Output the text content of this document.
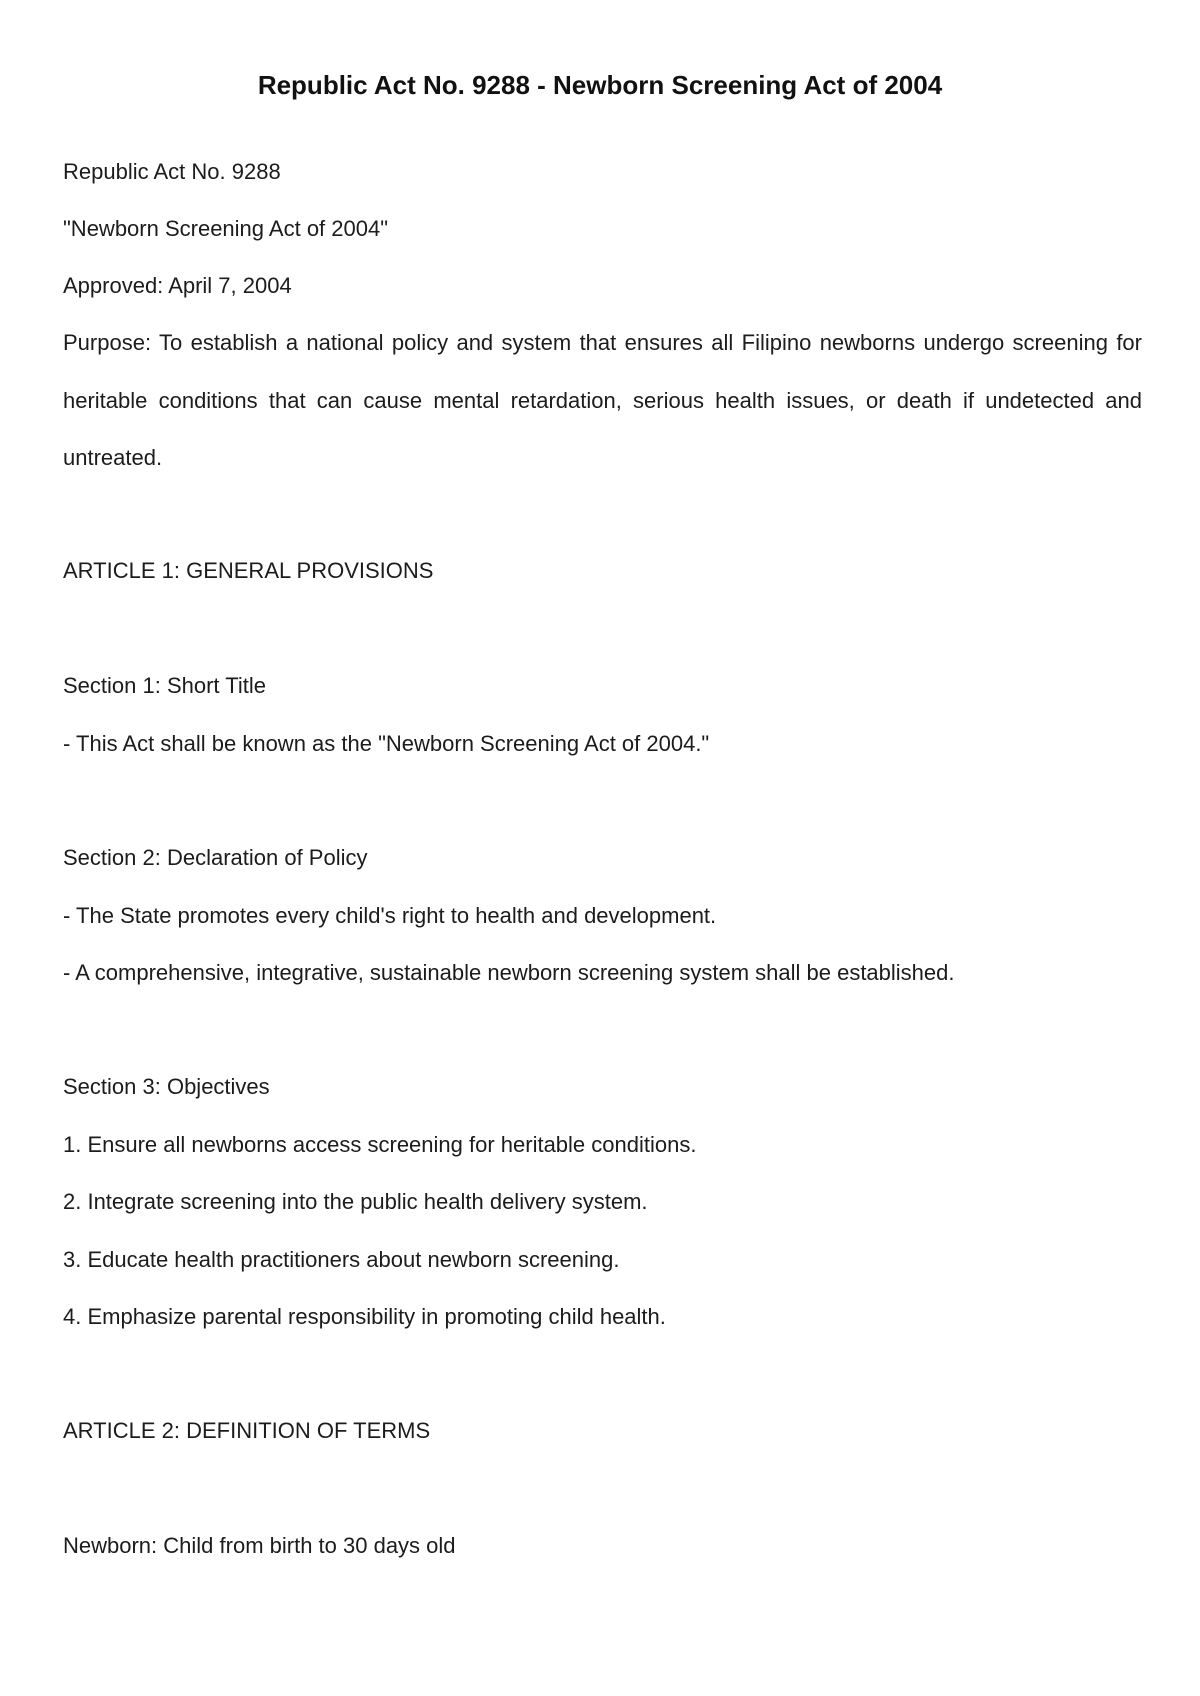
Republic Act No. 9288 - Newborn Screening Act of 2004
Republic Act No. 9288
"Newborn Screening Act of 2004"
Approved: April 7, 2004
Purpose: To establish a national policy and system that ensures all Filipino newborns undergo screening for heritable conditions that can cause mental retardation, serious health issues, or death if undetected and untreated.
ARTICLE 1: GENERAL PROVISIONS
Section 1: Short Title
- This Act shall be known as the "Newborn Screening Act of 2004."
Section 2: Declaration of Policy
- The State promotes every child's right to health and development.
- A comprehensive, integrative, sustainable newborn screening system shall be established.
Section 3: Objectives
1. Ensure all newborns access screening for heritable conditions.
2. Integrate screening into the public health delivery system.
3. Educate health practitioners about newborn screening.
4. Emphasize parental responsibility in promoting child health.
ARTICLE 2: DEFINITION OF TERMS
Newborn: Child from birth to 30 days old
